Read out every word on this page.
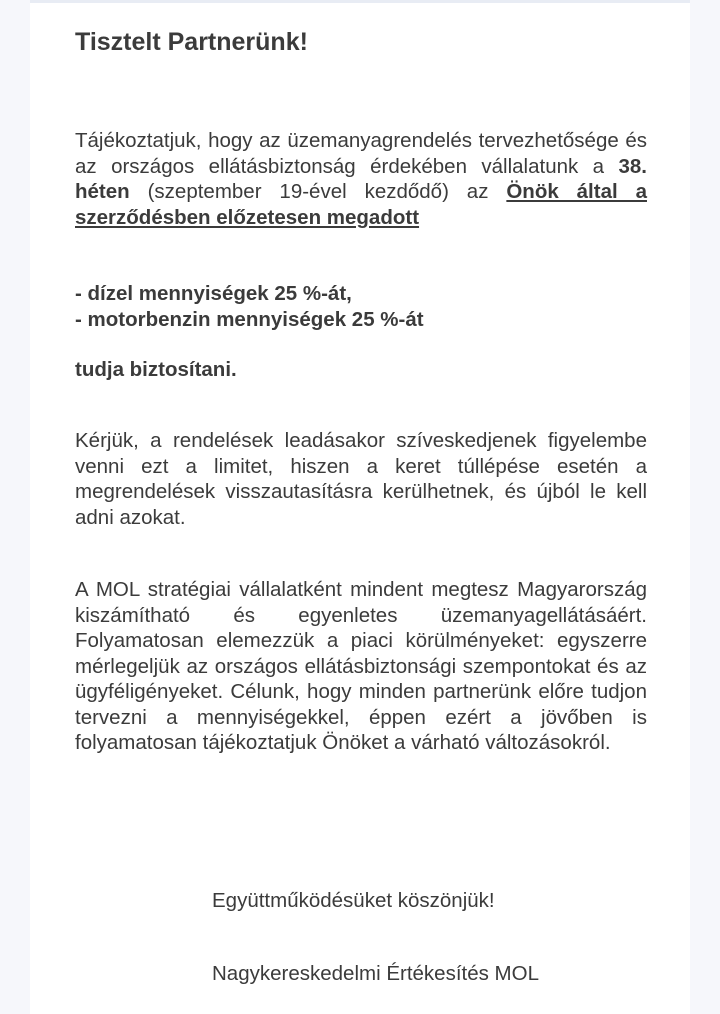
Tisztelt Partnerünk!

Tájékoztatjuk, hogy az üzemanyagrendelés tervezhetősége és az országos ellátásbiztonság érdekében vállalatunk a 38. héten (szeptember 19-ével kezdődő) az Önök által a szerződésben előzetesen megadott

- dízel mennyiségek 25 %-át,
- motorbenzin mennyiségek 25 %-át

tudja biztosítani.

Kérjük, a rendelések leadásakor szíveskedjenek figyelembe venni ezt a limitet, hiszen a keret túllépése esetén a megrendelések visszautasításra kerülhetnek, és újból le kell adni azokat.

A MOL stratégiai vállalatként mindent megtesz Magyarország kiszámítható és egyenletes üzemanyagellátásáért. Folyamatosan elemezzük a piaci körülményeket: egyszerre mérlegeljük az országos ellátásbiztonsági szempontokat és az ügyféligényeket. Célunk, hogy minden partnerünk előre tudjon tervezni a mennyiségekkel, éppen ezért a jövőben is folyamatosan tájékoztatjuk Önöket a várható változásokról.

Együttműködésüket köszönjük!

Nagykereskedelmi Értékesítés MOL
